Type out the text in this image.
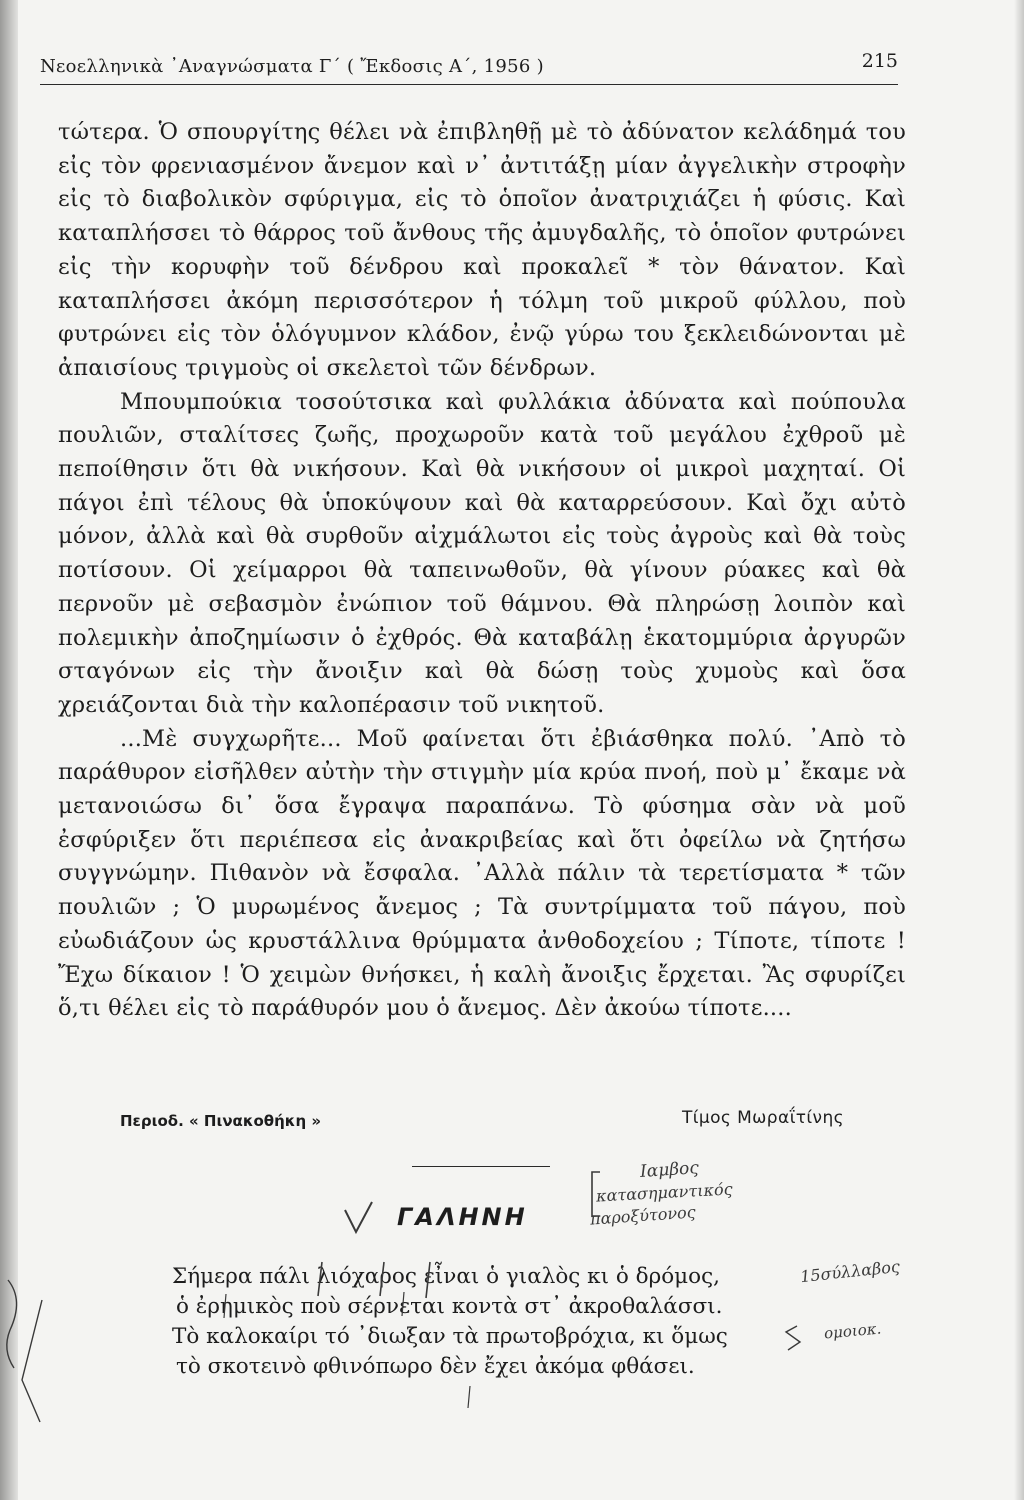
Νεοελληνικὰ ᾿Αναγνώσματα Γ΄ ( Ἔκδοσις Α΄, 1956 )	215

τώτερα. Ὁ σπουργίτης θέλει νὰ ἐπιβληθῇ μὲ τὸ ἀδύνατον κελάδημά του εἰς τὸν φρενιασμένον ἄνεμον καὶ ν᾿ ἀντιτάξῃ μίαν ἀγγελικὴν στροφὴν εἰς τὸ διαβολικὸν σφύριγμα, εἰς τὸ ὁποῖον ἀνατριχιάζει ἡ φύσις. Καὶ καταπλήσσει τὸ θάρρος τοῦ ἄνθους τῆς ἀμυγδαλῆς, τὸ ὁποῖον φυτρώνει εἰς τὴν κορυφὴν τοῦ δένδρου καὶ προκαλεῖ * τὸν θάνατον. Καὶ καταπλήσσει ἀκόμη περισσότερον ἡ τόλμη τοῦ μικροῦ φύλλου, ποὺ φυτρώνει εἰς τὸν ὁλόγυμνον κλάδον, ἐνῷ γύρω του ξεκλειδώνονται μὲ ἀπαισίους τριγμοὺς οἱ σκελετοὶ τῶν δένδρων.

Μπουμπούκια τοσούτσικα καὶ φυλλάκια ἀδύνατα καὶ πούπουλα πουλιῶν, σταλίτσες ζωῆς, προχωροῦν κατὰ τοῦ μεγάλου ἐχθροῦ μὲ πεποίθησιν ὅτι θὰ νικήσουν. Καὶ θὰ νικήσουν οἱ μικροὶ μαχηταί. Οἱ πάγοι ἐπὶ τέλους θὰ ὑποκύψουν καὶ θὰ καταρρεύσουν. Καὶ ὄχι αὐτὸ μόνον, ἀλλὰ καὶ θὰ συρθοῦν αἰχμάλωτοι εἰς τοὺς ἀγροὺς καὶ θὰ τοὺς ποτίσουν. Οἱ χείμαρροι θὰ ταπεινωθοῦν, θὰ γίνουν ρύακες καὶ θὰ περνοῦν μὲ σεβασμὸν ἐνώπιον τοῦ θάμνου. Θὰ πληρώσῃ λοιπὸν καὶ πολεμικὴν ἀποζημίωσιν ὁ ἐχθρός. Θὰ καταβάλῃ ἑκατομμύρια ἀργυρῶν σταγόνων εἰς τὴν ἄνοιξιν καὶ θὰ δώσῃ τοὺς χυμοὺς καὶ ὅσα χρειάζονται διὰ τὴν καλοπέρασιν τοῦ νικητοῦ.

...Μὲ συγχωρῆτε... Μοῦ φαίνεται ὅτι ἐβιάσθηκα πολύ. ᾿Απὸ τὸ παράθυρον εἰσῆλθεν αὐτὴν τὴν στιγμὴν μία κρύα πνοή, ποὺ μ᾿ ἔκαμε νὰ μετανοιώσω δι᾿ ὅσα ἔγραψα παραπάνω. Τὸ φύσημα σὰν νὰ μοῦ ἐσφύριξεν ὅτι περιέπεσα εἰς ἀνακριβείας καὶ ὅτι ὀφείλω νὰ ζητήσω συγγνώμην. Πιθανὸν νὰ ἔσφαλα. ᾿Αλλὰ πάλιν τὰ τερετίσματα * τῶν πουλιῶν ; Ὁ μυρωμένος ἄνεμος ; Τὰ συντρίμματα τοῦ πάγου, ποὺ εὐωδιάζουν ὡς κρυστάλλινα θρύμματα ἀνθοδοχείου ; Τίποτε, τίποτε ! Ἔχω δίκαιον ! Ὁ χειμὼν θνήσκει, ἡ καλὴ ἄνοιξις ἔρχεται. Ἂς σφυρίζει ὅ,τι θέλει εἰς τὸ παράθυρόν μου ὁ ἄνεμος. Δὲν ἀκούω τίποτε....

Περιοδ. « Πινακοθήκη »	Τίμος Μωραΐτίνης
ΓΑΛΗΝΗ
Σήμερα πάλι λιόχαρος εἶναι ὁ γιαλὸς κι ὁ δρόμος,
ὁ ἐρημικὸς ποὺ σέρνεται κοντὰ στ᾿ ἀκροθαλάσσι.
Τὸ καλοκαίρι τό ᾿διωξαν τὰ πρωτοβρόχια, κι ὅμως
τὸ σκοτεινὸ φθινόπωρο δὲν ἔχει ἀκόμα φθάσει.
Ιαμβος
κατασημαντικός
παροξύτονος
15σύλλαβος
ομοιοκ.
